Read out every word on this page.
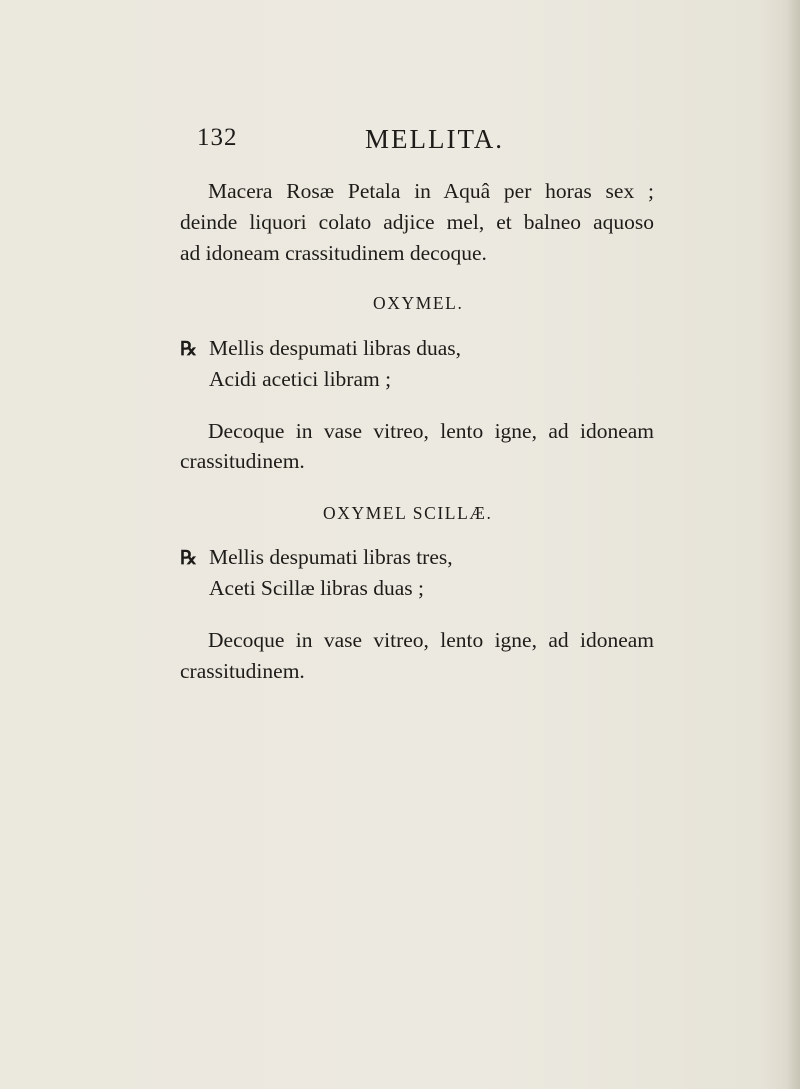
132	MELLITA.
Macera Rosæ Petala in Aquâ per horas sex ;
deinde liquori colato adjice mel, et balneo aquoso
ad idoneam crassitudinem decoque.
OXYMEL.
℞ Mellis despumati libras duas,
Acidi acetici libram ;
Decoque in vase vitreo, lento igne, ad idoneam
crassitudinem.
OXYMEL SCILLÆ.
℞ Mellis despumati libras tres,
Aceti Scillæ libras duas ;
Decoque in vase vitreo, lento igne, ad idoneam
crassitudinem.
